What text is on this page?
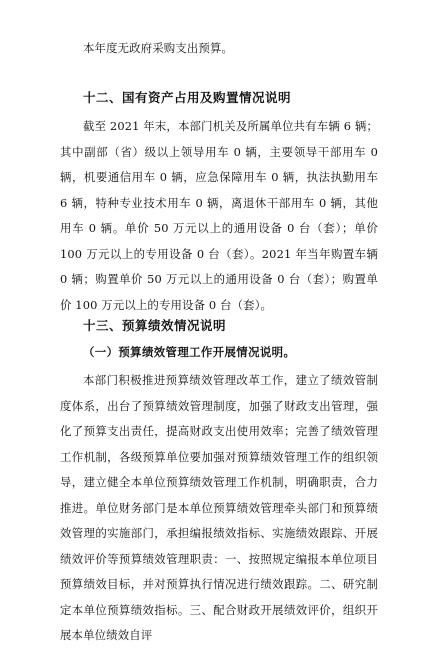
本年度无政府采购支出预算。

十二、国有资产占用及购置情况说明

截至 2021 年末，本部门机关及所属单位共有车辆 6 辆；其中副部（省）级以上领导用车 0 辆，主要领导干部用车 0 辆，机要通信用车 0 辆，应急保障用车 0 辆，执法执勤用车 6 辆，特种专业技术用车 0 辆，离退休干部用车 0 辆，其他用车 0 辆。单价 50 万元以上的通用设备 0 台（套）；单价 100 万元以上的专用设备 0 台（套）。2021 年当年购置车辆 0 辆；购置单价 50 万元以上的通用设备 0 台（套）；购置单价 100 万元以上的专用设备 0 台（套）。

十三、预算绩效情况说明
（一）预算绩效管理工作开展情况说明。

本部门积极推进预算绩效管理改革工作，建立了绩效管制度体系，出台了预算绩效管理制度，加强了财政支出管理，强化了预算支出责任，提高财政支出使用效率；完善了绩效管理工作机制，各级预算单位要加强对预算绩效管理工作的组织领导，建立健全本单位预算绩效管理工作机制，明确职责，合力推进。单位财务部门是本单位预算绩效管理牵头部门和预算绩效管理的实施部门，承担编报绩效指标、实施绩效跟踪、开展绩效评价等预算绩效管理职责：一、按照规定编报本单位项目预算绩效目标，并对预算执行情况进行绩效跟踪。二、研究制定本单位预算绩效指标。三、配合财政开展绩效评价，组织开展本单位绩效自评
